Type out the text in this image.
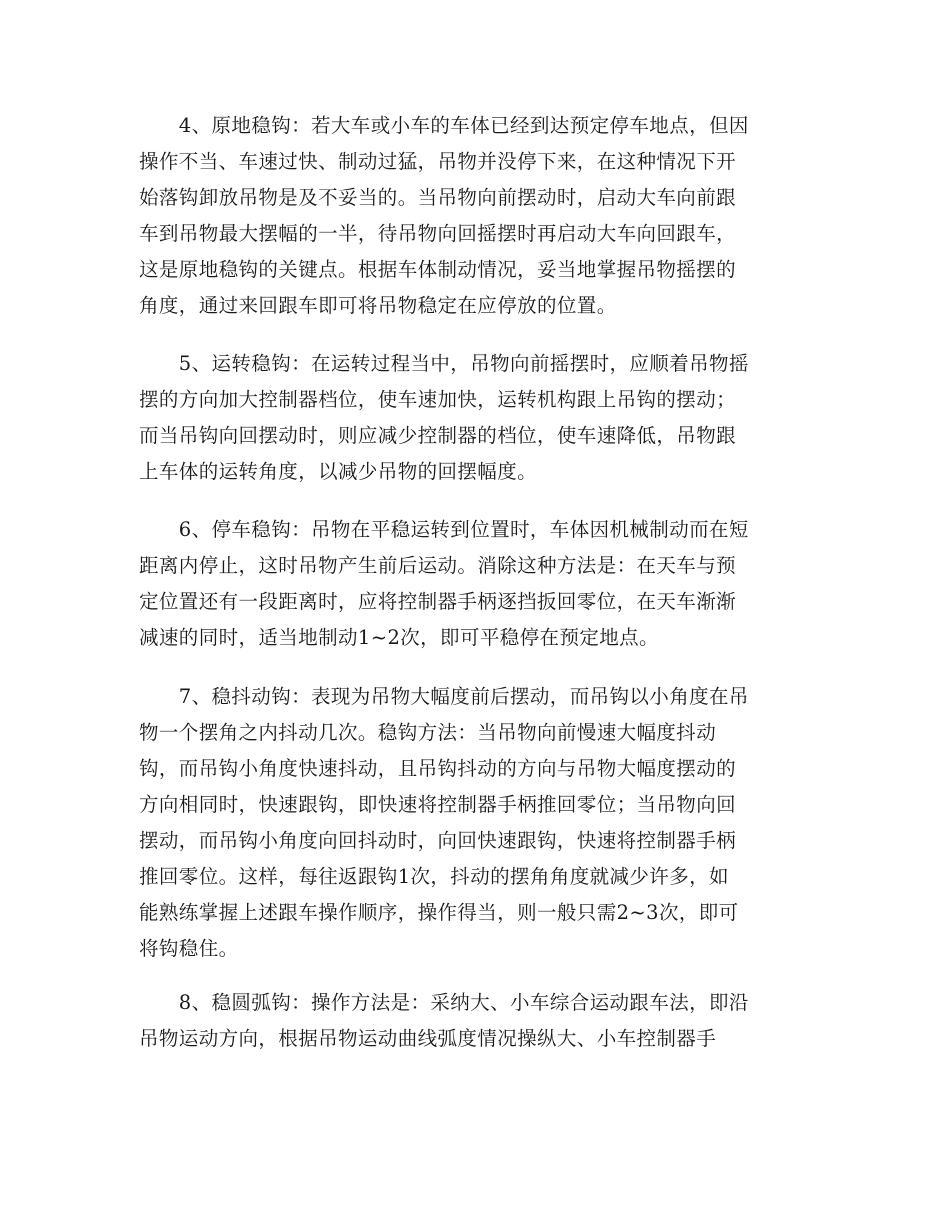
　　4、原地稳钩：若大车或小车的车体已经到达预定停车地点，但因
操作不当、车速过快、制动过猛，吊物并没停下来，在这种情况下开
始落钩卸放吊物是及不妥当的。当吊物向前摆动时，启动大车向前跟
车到吊物最大摆幅的一半，待吊物向回摇摆时再启动大车向回跟车，
这是原地稳钩的关键点。根据车体制动情况，妥当地掌握吊物摇摆的
角度，通过来回跟车即可将吊物稳定在应停放的位置。
　　5、运转稳钩：在运转过程当中，吊物向前摇摆时，应顺着吊物摇
摆的方向加大控制器档位，使车速加快，运转机构跟上吊钩的摆动；
而当吊钩向回摆动时，则应减少控制器的档位，使车速降低，吊物跟
上车体的运转角度，以减少吊物的回摆幅度。
　　6、停车稳钩：吊物在平稳运转到位置时，车体因机械制动而在短
距离内停止，这时吊物产生前后运动。消除这种方法是：在天车与预
定位置还有一段距离时，应将控制器手柄逐挡扳回零位，在天车渐渐
减速的同时，适当地制动1~2次，即可平稳停在预定地点。
　　7、稳抖动钩：表现为吊物大幅度前后摆动，而吊钩以小角度在吊
物一个摆角之内抖动几次。稳钩方法：当吊物向前慢速大幅度抖动
钩，而吊钩小角度快速抖动，且吊钩抖动的方向与吊物大幅度摆动的
方向相同时，快速跟钩，即快速将控制器手柄推回零位；当吊物向回
摆动，而吊钩小角度向回抖动时，向回快速跟钩，快速将控制器手柄
推回零位。这样，每往返跟钩1次，抖动的摆角角度就减少许多，如
能熟练掌握上述跟车操作顺序，操作得当，则一般只需2~3次，即可
将钩稳住。
　　8、稳圆弧钩：操作方法是：采纳大、小车综合运动跟车法，即沿
吊物运动方向，根据吊物运动曲线弧度情况操纵大、小车控制器手
